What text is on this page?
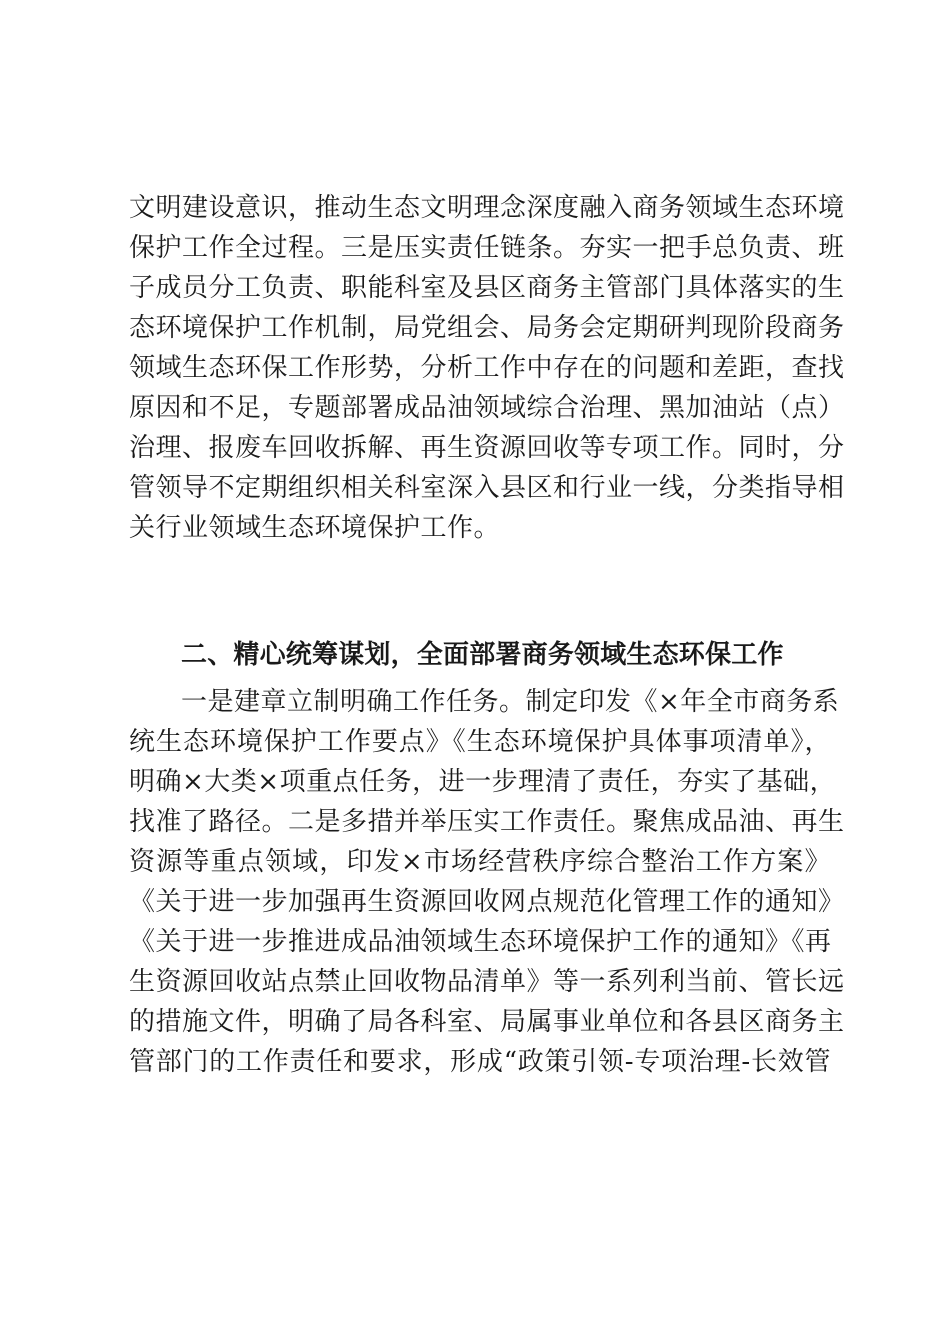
文明建设意识，推动生态文明理念深度融入商务领域生态环境
保护工作全过程。三是压实责任链条。夯实一把手总负责、班
子成员分工负责、职能科室及县区商务主管部门具体落实的生
态环境保护工作机制，局党组会、局务会定期研判现阶段商务
领域生态环保工作形势，分析工作中存在的问题和差距，查找
原因和不足，专题部署成品油领域综合治理、黑加油站（点）
治理、报废车回收拆解、再生资源回收等专项工作。同时，分
管领导不定期组织相关科室深入县区和行业一线，分类指导相
关行业领域生态环境保护工作。
二、精心统筹谋划，全面部署商务领域生态环保工作
一是建章立制明确工作任务。制定印发《×年全市商务系
统生态环境保护工作要点》《生态环境保护具体事项清单》，
明确×大类×项重点任务，进一步理清了责任，夯实了基础，
找准了路径。二是多措并举压实工作责任。聚焦成品油、再生
资源等重点领域，印发×市场经营秩序综合整治工作方案》
《关于进一步加强再生资源回收网点规范化管理工作的通知》
《关于进一步推进成品油领域生态环境保护工作的通知》《再
生资源回收站点禁止回收物品清单》等一系列利当前、管长远
的措施文件，明确了局各科室、局属事业单位和各县区商务主
管部门的工作责任和要求，形成“政策引领-专项治理-长效管
